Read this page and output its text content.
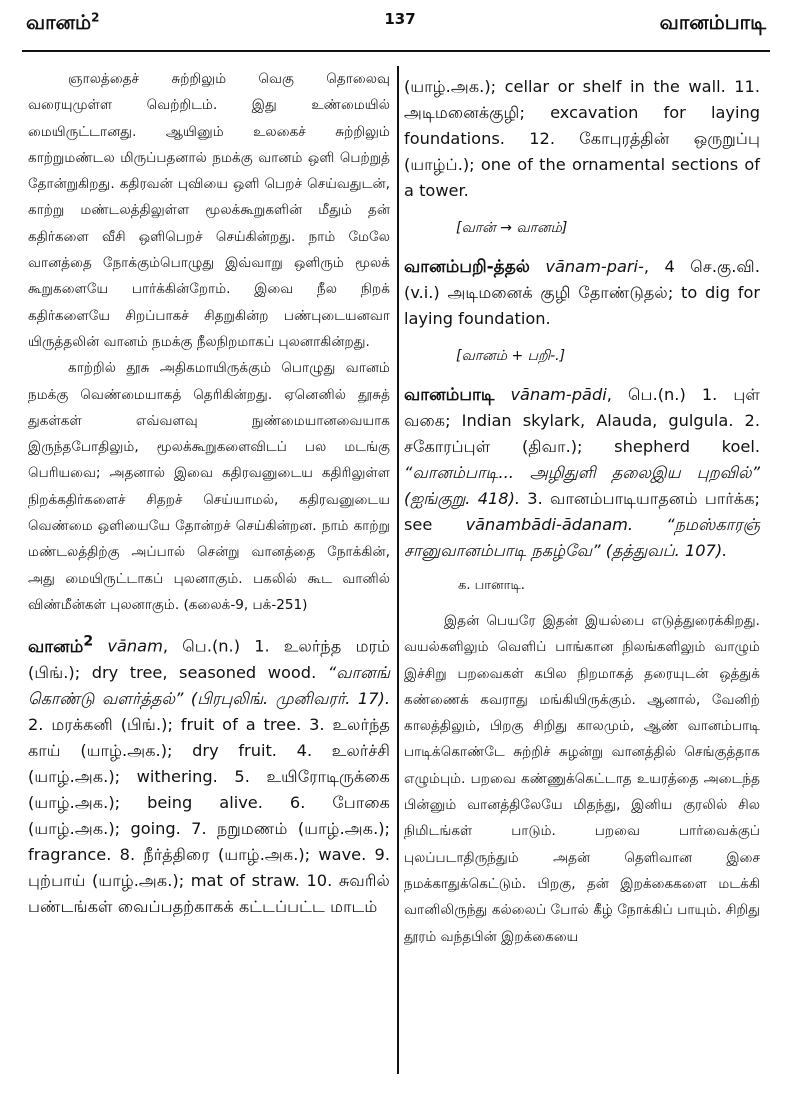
வானம்$^2$	137	வானம்பாடி

ஞாலத்தைச் சுற்றிலும் வெகு தொலைவு வரையுமுள்ள வெற்றிடம். இது உண்மையில் மையிருட்டானது. ஆயினும் உலகைச் சுற்றிலும் காற்றுமண்டல மிருப்பதனால் நமக்கு வானம் ஒளி பெற்றுத் தோன்றுகிறது. கதிரவன் புவியை ஒளி பெறச் செய்வதுடன், காற்று மண்டலத்திலுள்ள மூலக்கூறுகளின் மீதும் தன் கதிர்களை வீசி ஒளிபெறச் செய்கின்றது. நாம் மேலே வானத்தை நோக்கும்பொழுது இவ்வாறு ஒளிரும் மூலக் கூறுகளையே பார்க்கின்றோம். இவை நீல நிறக் கதிர்களையே சிறப்பாகச் சிதறுகின்ற பண்புடையனவா யிருத்தலின் வானம் நமக்கு நீலநிறமாகப் புலனாகின்றது.

காற்றில் தூசு அதிகமாயிருக்கும் பொழுது வானம் நமக்கு வெண்மையாகத் தெரிகின்றது. ஏனெனில் தூசுத் துகள்கள் எவ்வளவு நுண்மையானவையாக இருந்தபோதிலும், மூலக்கூறுகளைவிடப் பல மடங்கு பெரியவை; அதனால் இவை கதிரவனுடைய கதிரிலுள்ள நிறக்கதிர்களைச் சிதறச் செய்யாமல், கதிரவனுடைய வெண்மை ஒளியையே தோன்றச் செய்கின்றன. நாம் காற்று மண்டலத்திற்கு அப்பால் சென்று வானத்தை நோக்கின், அது மையிருட்டாகப் புலனாகும். பகலில் கூட வானில் விண்மீன்கள் புலனாகும். (கலைக்-9, பக்-251)

வானம்$^2$ vānam, பெ.(n.) 1. உலர்ந்த மரம் (பிங்.); dry tree, seasoned wood. “வானங் கொண்டு வளர்த்தல்” (பிரபுலிங். முனிவரர். 17). 2. மரக்கனி (பிங்.); fruit of a tree. 3. உலர்ந்த காய் (யாழ்.அக.); dry fruit. 4. உலர்ச்சி (யாழ்.அக.); withering. 5. உயிரோடிருக்கை (யாழ்.அக.); being alive. 6. போகை (யாழ்.அக.); going. 7. நறுமணம் (யாழ்.அக.); fragrance. 8. நீர்த்திரை (யாழ்.அக.); wave. 9. புற்பாய் (யாழ்.அக.); mat of straw. 10. சுவரில் பண்டங்கள் வைப்பதற்காகக் கட்டப்பட்ட மாடம்

(யாழ்.அக.); cellar or shelf in the wall. 11. அடிமனைக்குழி; excavation for laying foundations. 12. கோபுரத்தின் ஒருறுப்பு (யாழ்ப்.); one of the ornamental sections of a tower.

[வான் → வானம்]

வானம்பறி-த்தல் vānam-pari-, 4 செ.கு.வி. (v.i.) அடிமனைக் குழி தோண்டுதல்; to dig for laying foundation.

[வானம் + பறி-.]

வானம்பாடி vānam-pādi, பெ.(n.) 1. புள் வகை; Indian skylark, Alauda, gulgula. 2. சகோரப்புள் (திவா.); shepherd koel. “வானம்பாடி... அழிதுளி தலைஇய புறவில்” (ஐங்குறு. 418). 3. வானம்பாடியாதனம் பார்க்க; see vānambādi-ādanam. “நமஸ்காரஞ் சானுவானம்பாடி நகழ்வே” (தத்துவப். 107).

க. பானாடி.

இதன் பெயரே இதன் இயல்பை எடுத்துரைக்கிறது. வயல்களிலும் வெளிப் பாங்கான நிலங்களிலும் வாழும் இச்சிறு பறவைகள் கபில நிறமாகத் தரையுடன் ஒத்துக் கண்ணைக் கவராது மங்கியிருக்கும். ஆனால், வேனிற் காலத்திலும், பிறகு சிறிது காலமும், ஆண் வானம்பாடி பாடிக்கொண்டே சுற்றிச் சுழன்று வானத்தில் செங்குத்தாக எழும்பும். பறவை கண்ணுக்கெட்டாத உயரத்தை அடைந்த பின்னும் வானத்திலேயே மிதந்து, இனிய குரலில் சில நிமிடங்கள் பாடும். பறவை பார்வைக்குப் புலப்படாதிருந்தும் அதன் தெளிவான இசை நமக்காதுக்கெட்டும். பிறகு, தன் இறக்கைகளை மடக்கி வானிலிருந்து கல்லைப் போல் கீழ் நோக்கிப் பாயும். சிறிது தூரம் வந்தபின் இறக்கையை
